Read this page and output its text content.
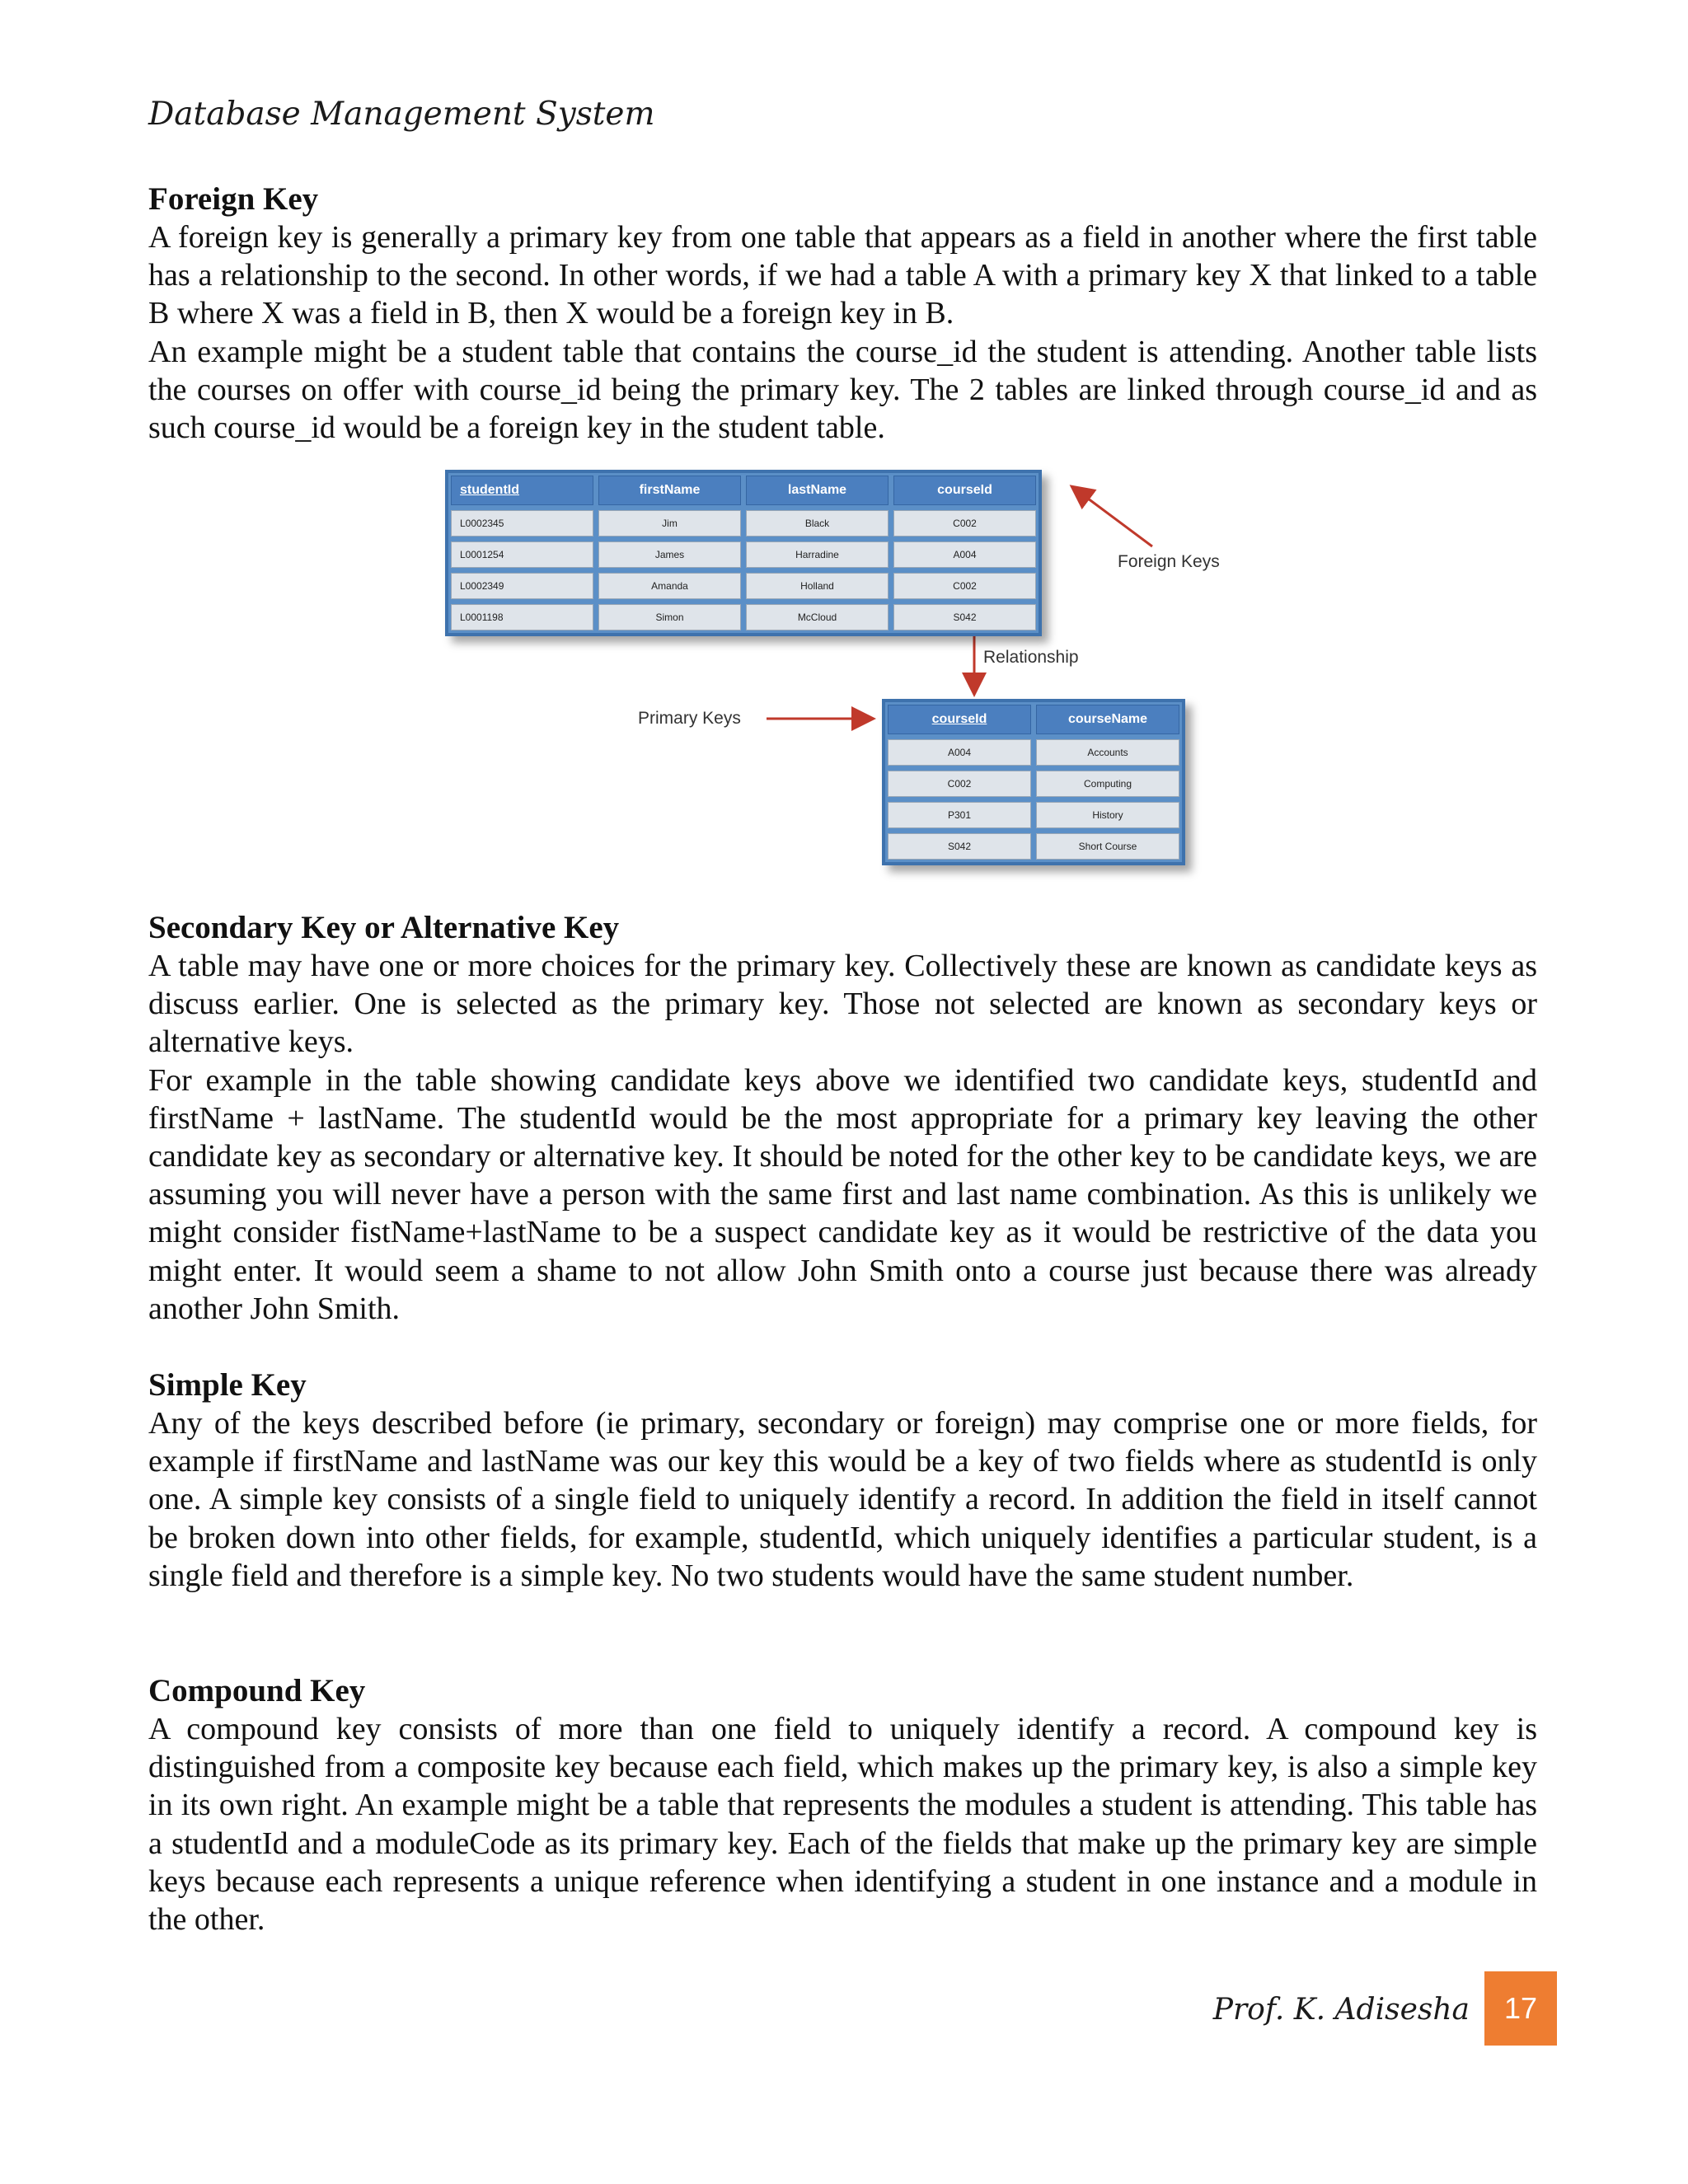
Database Management System
Foreign Key

A foreign key is generally a primary key from one table that appears as a field in another where the first table has a relationship to the second. In other words, if we had a table A with a primary key X that linked to a table B where X was a field in B, then X would be a foreign key in B.

An example might be a student table that contains the course_id the student is attending. Another table lists the courses on offer with course_id being the primary key. The 2 tables are linked through course_id and as such course_id would be a foreign key in the student table.

studentId	firstName	lastName	courseId
L0002345	Jim	Black	C002
L0001254	James	Harradine	A004
L0002349	Amanda	Holland	C002
L0001198	Simon	McCloud	S042
courseId	courseName
A004	Accounts
C002	Computing
P301	History
S042	Short Course
Foreign Keys
Relationship
Primary Keys
Secondary Key or Alternative Key

A table may have one or more choices for the primary key. Collectively these are known as candidate keys as discuss earlier. One is selected as the primary key. Those not selected are known as secondary keys or alternative keys.

For example in the table showing candidate keys above we identified two candidate keys, studentId and firstName + lastName. The studentId would be the most appropriate for a primary key leaving the other candidate key as secondary or alternative key. It should be noted for the other key to be candidate keys, we are assuming you will never have a person with the same first and last name combination. As this is unlikely we might consider fistName+lastName to be a suspect candidate key as it would be restrictive of the data you might enter. It would seem a shame to not allow John Smith onto a course just because there was already another John Smith.

Simple Key

Any of the keys described before (ie primary, secondary or foreign) may comprise one or more fields, for example if firstName and lastName was our key this would be a key of two fields where as studentId is only one. A simple key consists of a single field to uniquely identify a record. In addition the field in itself cannot be broken down into other fields, for example, studentId, which uniquely identifies a particular student, is a single field and therefore is a simple key. No two students would have the same student number.

Compound Key

A compound key consists of more than one field to uniquely identify a record. A compound key is distinguished from a composite key because each field, which makes up the primary key, is also a simple key in its own right. An example might be a table that represents the modules a student is attending. This table has a studentId and a moduleCode as its primary key. Each of the fields that make up the primary key are simple keys because each represents a unique reference when identifying a student in one instance and a module in the other.

Prof. K. Adisesha	17
